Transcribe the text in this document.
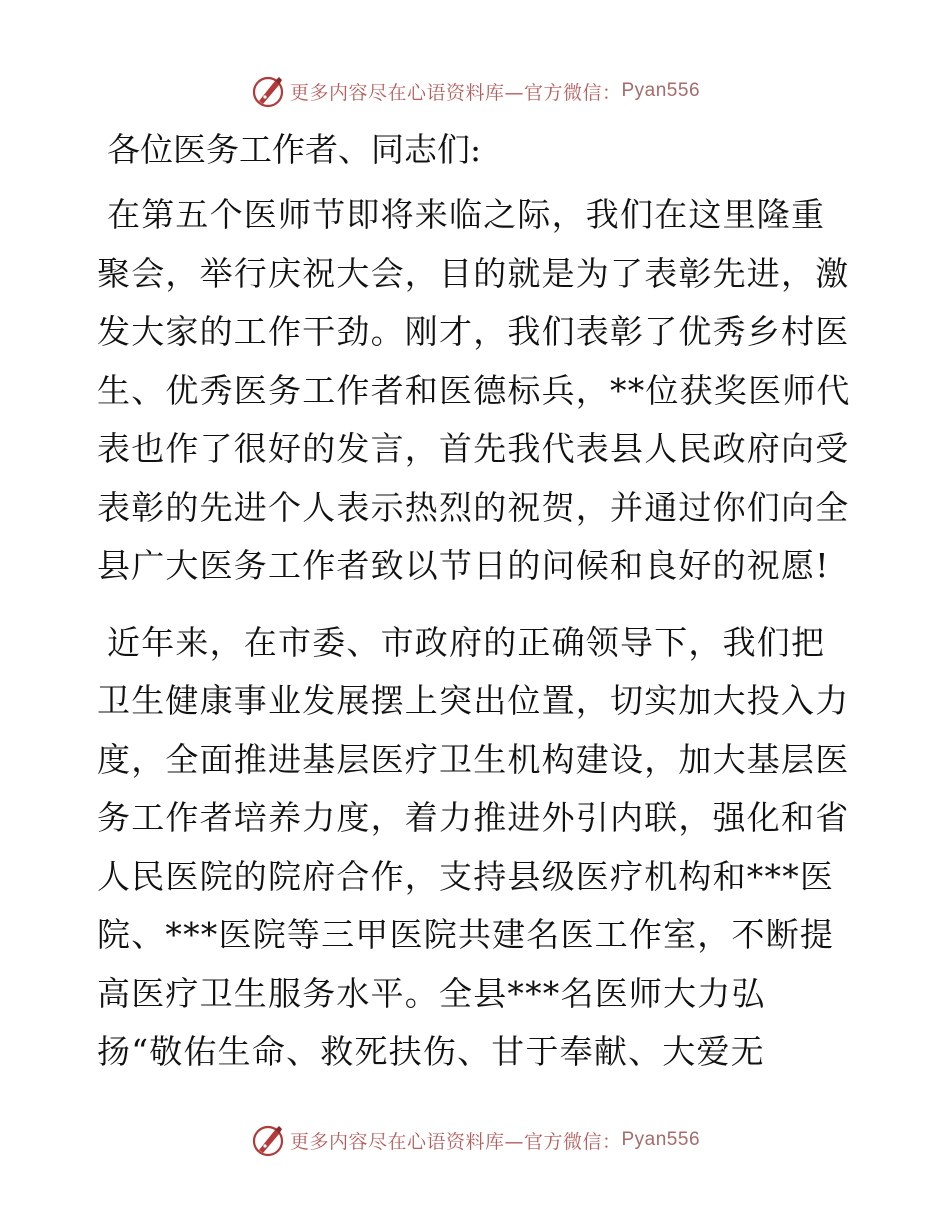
更多内容尽在心语资料库—官方微信： Pyan556
各位医务工作者、同志们:
在第五个医师节即将来临之际，我们在这里隆重
聚会，举行庆祝大会，目的就是为了表彰先进，激
发大家的工作干劲。刚才，我们表彰了优秀乡村医
生、优秀医务工作者和医德标兵，**位获奖医师代
表也作了很好的发言，首先我代表县人民政府向受
表彰的先进个人表示热烈的祝贺，并通过你们向全
县广大医务工作者致以节日的问候和良好的祝愿!
近年来，在市委、市政府的正确领导下，我们把
卫生健康事业发展摆上突出位置，切实加大投入力
度，全面推进基层医疗卫生机构建设，加大基层医
务工作者培养力度，着力推进外引内联，强化和省
人民医院的院府合作，支持县级医疗机构和***医
院、***医院等三甲医院共建名医工作室，不断提
高医疗卫生服务水平。全县***名医师大力弘
扬“敬佑生命、救死扶伤、甘于奉献、大爱无
更多内容尽在心语资料库—官方微信： Pyan556
